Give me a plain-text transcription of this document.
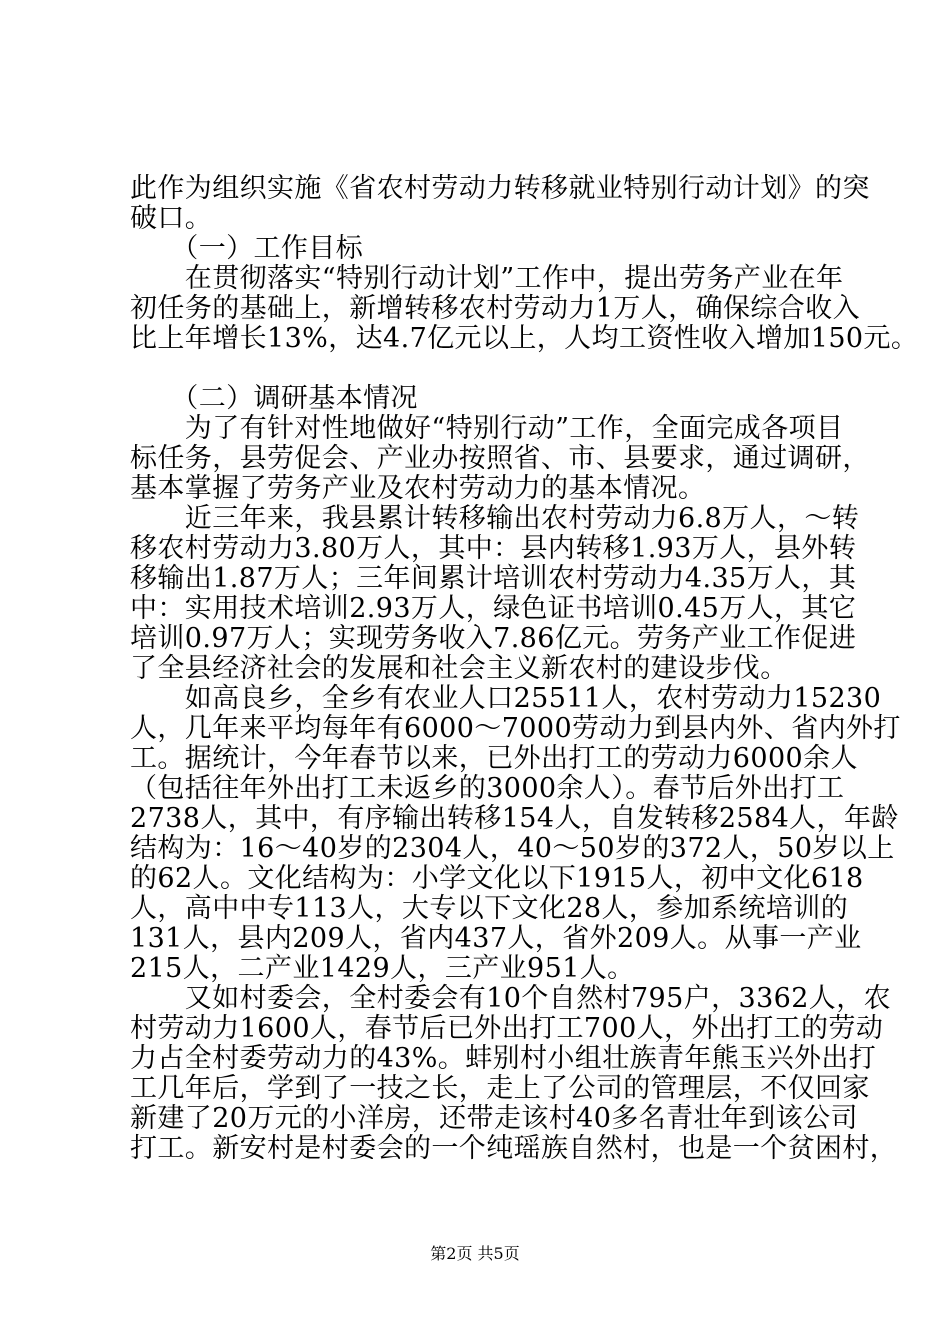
此作为组织实施《省农村劳动力转移就业特别行动计划》的突
破口。
　　（一）工作目标
　　在贯彻落实“特别行动计划”工作中，提出劳务产业在年
初任务的基础上，新增转移农村劳动力1万人，确保综合收入
比上年增长13%，达4.7亿元以上，人均工资性收入增加150元。
　　（二）调研基本情况
　　为了有针对性地做好“特别行动”工作，全面完成各项目
标任务，县劳促会、产业办按照省、市、县要求，通过调研，
基本掌握了劳务产业及农村劳动力的基本情况。
　　近三年来，我县累计转移输出农村劳动力6.8万人，～转
移农村劳动力3.80万人，其中：县内转移1.93万人，县外转
移输出1.87万人；三年间累计培训农村劳动力4.35万人，其
中：实用技术培训2.93万人，绿色证书培训0.45万人，其它
培训0.97万人；实现劳务收入7.86亿元。劳务产业工作促进
了全县经济社会的发展和社会主义新农村的建设步伐。
　　如高良乡，全乡有农业人口25511人，农村劳动力15230
人，几年来平均每年有6000～7000劳动力到县内外、省内外打
工。据统计，今年春节以来，已外出打工的劳动力6000余人
（包括往年外出打工未返乡的3000余人）。春节后外出打工
2738人，其中，有序输出转移154人，自发转移2584人，年龄
结构为：16～40岁的2304人，40～50岁的372人，50岁以上
的62人。文化结构为：小学文化以下1915人，初中文化618
人，高中中专113人，大专以下文化28人，参加系统培训的
131人，县内209人，省内437人，省外209人。从事一产业
215人，二产业1429人，三产业951人。
　　又如村委会，全村委会有10个自然村795户，3362人，农
村劳动力1600人，春节后已外出打工700人，外出打工的劳动
力占全村委劳动力的43%。蚌别村小组壮族青年熊玉兴外出打
工几年后，学到了一技之长，走上了公司的管理层，不仅回家
新建了20万元的小洋房，还带走该村40多名青壮年到该公司
打工。新安村是村委会的一个纯瑶族自然村，也是一个贫困村，
第2页 共5页
